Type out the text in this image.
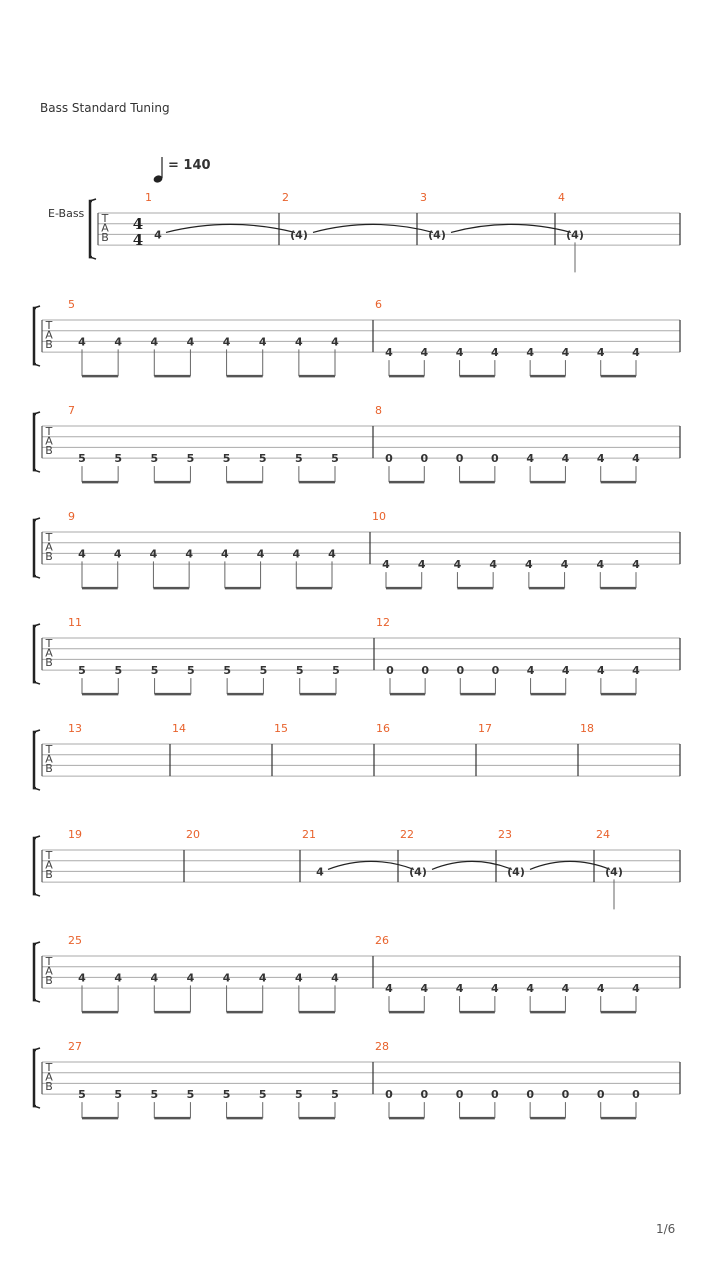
Bass Standard Tuning
= 140
T
A
B
E-Bass
4
4
1
4
2
(4)
3
(4)
4
(4)
T
A
B
5
4	4	4	4	4	4	4	4
6
4	4	4	4	4	4	4	4
T
A
B
7
5	5	5	5	5	5	5	5
8
0	0	0	0	4	4	4	4
T
A
B
9
4	4	4	4	4	4	4	4
10
4	4	4	4	4	4	4	4
T
A
B
11
5	5	5	5	5	5	5	5
12
0 0 0 0 4 4 4 4
T
A
B
13	14	15	16	17	18
T
A
B
19	20	21
4
22
(4)
23
(4)
24
(4)
T
A
B
25
4	4	4	4	4	4	4	4
26
4	4	4	4	4	4	4	4
T
A
B
27
5	5	5	5	5	5	5	5
28
0	0	0	0	0	0	0	0
1/6
